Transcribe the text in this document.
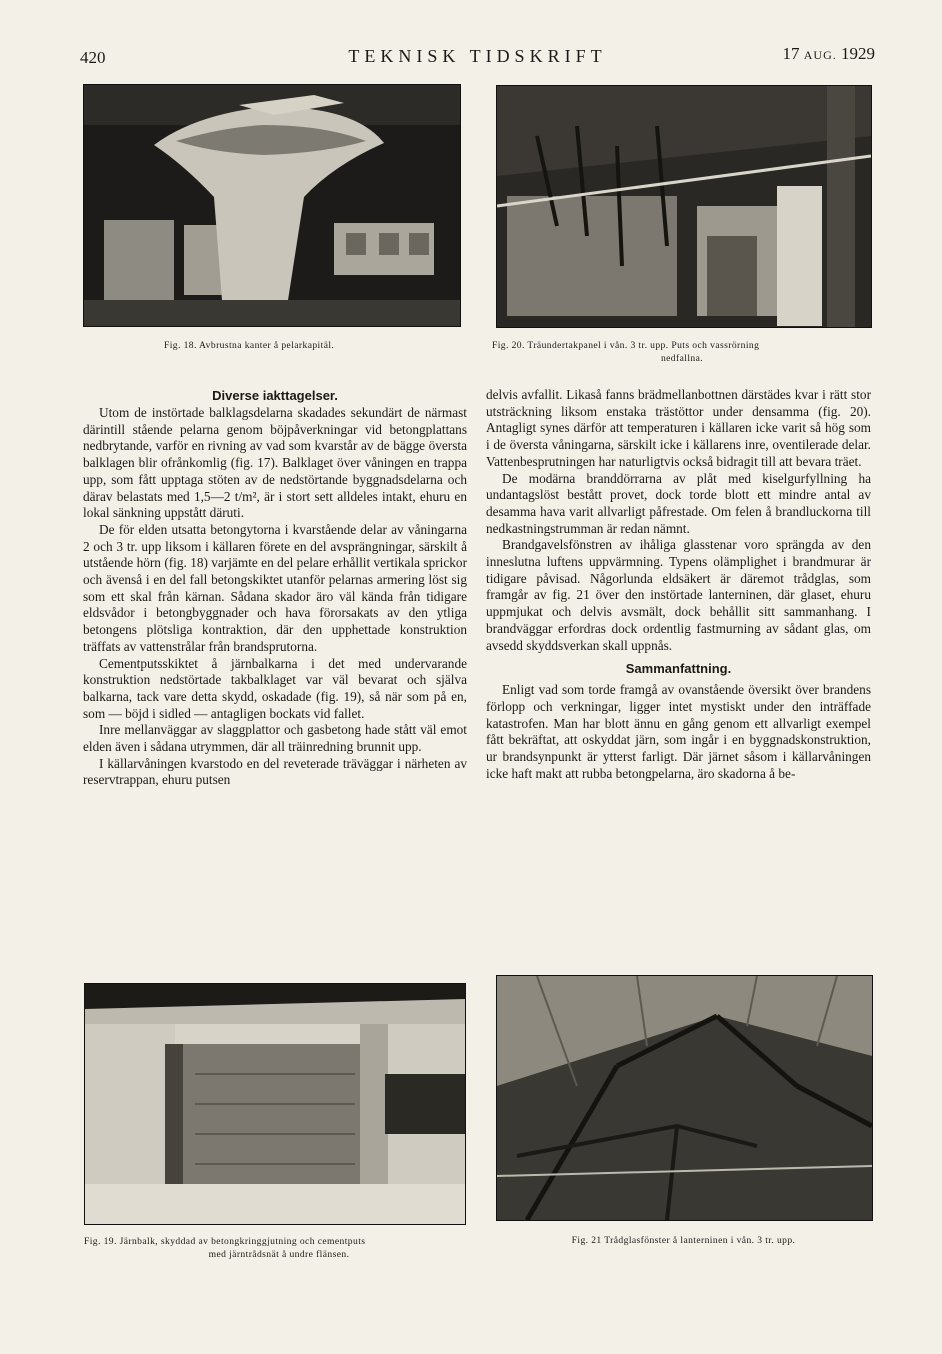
420	TEKNISK TIDSKRIFT	17 AUG. 1929
Fig. 18. Avbrustna kanter å pelarkapitäl.	Fig. 20. Träundertakpanel i vån. 3 tr. upp. Puts och vassrörning
nedfallna.
Diverse iakttagelser.

Utom de instörtade balklagsdelarna skadades sekundärt de närmast därintill stående pelarna genom böjpåverkningar vid betongplattans nedbrytande, varför en rivning av vad som kvarstår av de bägge översta balklagen blir ofrånkomlig (fig. 17). Balklaget över våningen en trappa upp, som fått upptaga stöten av de nedstörtande byggnadsdelarna och därav belastats med 1,5—2 t/m², är i stort sett alldeles intakt, ehuru en lokal sänkning uppstått däruti.

De för elden utsatta betongytorna i kvarstående delar av våningarna 2 och 3 tr. upp liksom i källaren förete en del avsprängningar, särskilt å utstående hörn (fig. 18) varjämte en del pelare erhållit vertikala sprickor och ävenså i en del fall betongskiktet utanför pelarnas armering löst sig som ett skal från kärnan. Sådana skador äro väl kända från tidigare eldsvådor i betongbyggnader och hava förorsakats av den ytliga betongens plötsliga kontraktion, där den upphettade konstruktion träffats av vattenstrålar från brandsprutorna.

Cementputsskiktet å järnbalkarna i det med undervarande konstruktion nedstörtade takbalklaget var väl bevarat och själva balkarna, tack vare detta skydd, oskadade (fig. 19), så när som på en, som — böjd i sidled — antagligen bockats vid fallet.

Inre mellanväggar av slaggplattor och gasbetong hade stått väl emot elden även i sådana utrymmen, där all träinredning brunnit upp.

I källarvåningen kvarstodo en del reveterade träväggar i närheten av reservtrappan, ehuru putsen

delvis avfallit. Likaså fanns brädmellanbottnen därstädes kvar i rätt stor utsträckning liksom enstaka trästöttor under densamma (fig. 20). Antagligt synes därför att temperaturen i källaren icke varit så hög som i de översta våningarna, särskilt icke i källarens inre, oventilerade delar. Vattenbesprutningen har naturligtvis också bidragit till att bevara träet.

De modärna branddörrarna av plåt med kiselgurfyllning ha undantagslöst bestått provet, dock torde blott ett mindre antal av desamma hava varit allvarligt påfrestade. Om felen å brandluckorna till nedkastningstrumman är redan nämnt.

Brandgavelsfönstren av ihåliga glasstenar voro sprängda av den inneslutna luftens uppvärmning. Typens olämplighet i brandmurar är tidigare påvisad. Någorlunda eldsäkert är däremot trådglas, som framgår av fig. 21 över den instörtade lanterninen, där glaset, ehuru uppmjukat och delvis avsmält, dock behållit sitt sammanhang. I brandväggar erfordras dock ordentlig fastmurning av sådant glas, om avsedd skyddsverkan skall uppnås.

Sammanfattning.

Enligt vad som torde framgå av ovanstående översikt över brandens förlopp och verkningar, ligger intet mystiskt under den inträffade katastrofen. Man har blott ännu en gång genom ett allvarligt exempel fått bekräftat, att oskyddat järn, som ingår i en byggnadskonstruktion, ur brandsynpunkt är ytterst farligt. Där järnet såsom i källarvåningen icke haft makt att rubba betongpelarna, äro skadorna å be-

Fig. 19. Järnbalk, skyddad av betongkringgjutning och cementputs
med järntrådsnät å undre flänsen.
Fig. 21 Trådglasfönster å lanterninen i vån. 3 tr. upp.
